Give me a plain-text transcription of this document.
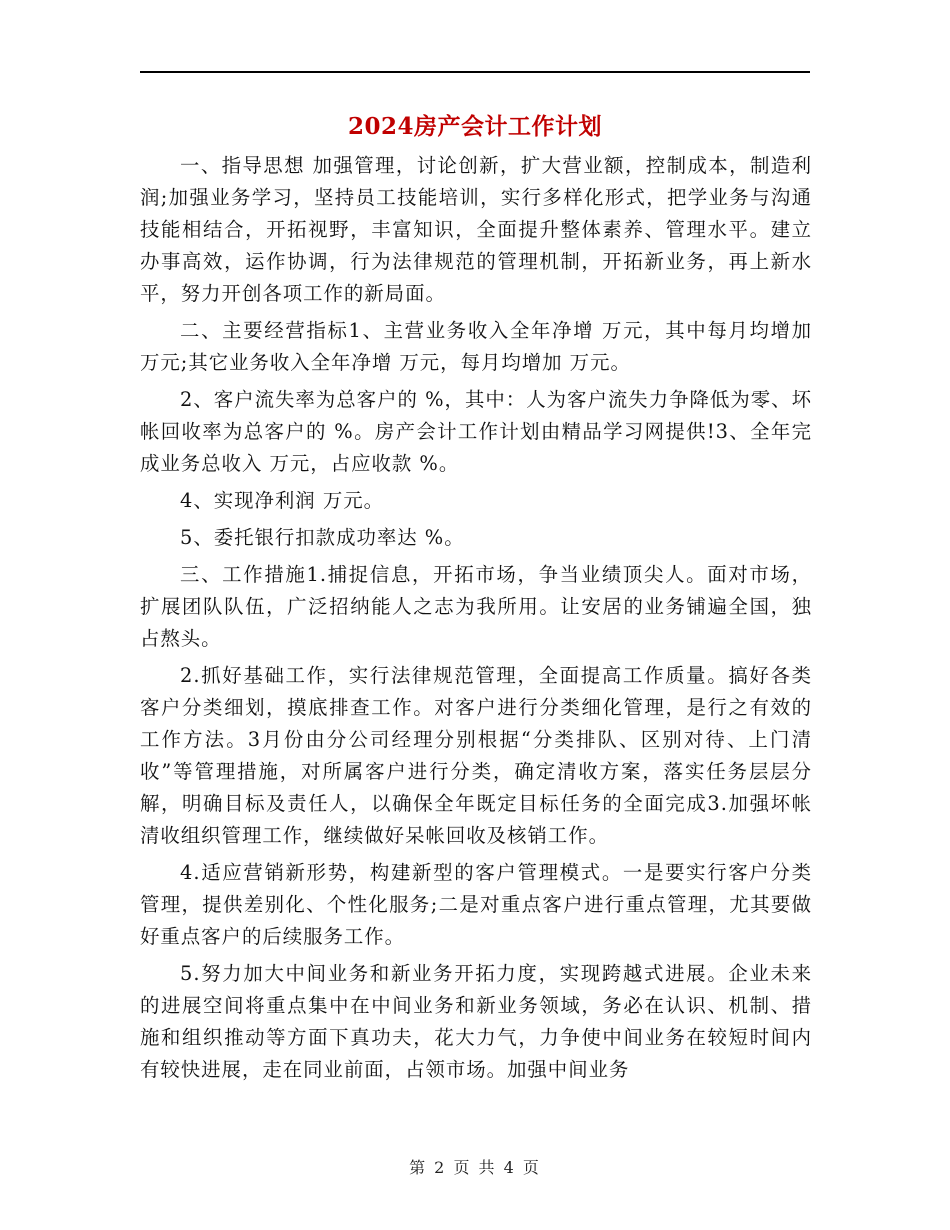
2024房产会计工作计划

一、指导思想 加强管理，讨论创新，扩大营业额，控制成本，制造利润;加强业务学习，坚持员工技能培训，实行多样化形式，把学业务与沟通技能相结合，开拓视野，丰富知识，全面提升整体素养、管理水平。建立办事高效，运作协调，行为法律规范的管理机制，开拓新业务，再上新水平，努力开创各项工作的新局面。

二、主要经营指标1、主营业务收入全年净增 万元，其中每月均增加 万元;其它业务收入全年净增 万元，每月均增加 万元。

2、客户流失率为总客户的 %，其中：人为客户流失力争降低为零、坏帐回收率为总客户的 %。房产会计工作计划由精品学习网提供!3、全年完成业务总收入 万元，占应收款 %。

4、实现净利润 万元。

5、委托银行扣款成功率达 %。

三、工作措施1.捕捉信息，开拓市场，争当业绩顶尖人。面对市场，扩展团队队伍，广泛招纳能人之志为我所用。让安居的业务铺遍全国，独占熬头。

2.抓好基础工作，实行法律规范管理，全面提高工作质量。搞好各类客户分类细划，摸底排查工作。对客户进行分类细化管理，是行之有效的工作方法。3月份由分公司经理分别根据“分类排队、区别对待、上门清收”等管理措施，对所属客户进行分类，确定清收方案，落实任务层层分解，明确目标及责任人，以确保全年既定目标任务的全面完成3.加强坏帐清收组织管理工作，继续做好呆帐回收及核销工作。

4.适应营销新形势，构建新型的客户管理模式。一是要实行客户分类管理，提供差别化、个性化服务;二是对重点客户进行重点管理，尤其要做好重点客户的后续服务工作。

5.努力加大中间业务和新业务开拓力度，实现跨越式进展。企业未来的进展空间将重点集中在中间业务和新业务领域，务必在认识、机制、措施和组织推动等方面下真功夫，花大力气，力争使中间业务在较短时间内有较快进展，走在同业前面，占领市场。加强中间业务

第 2 页 共 4 页
